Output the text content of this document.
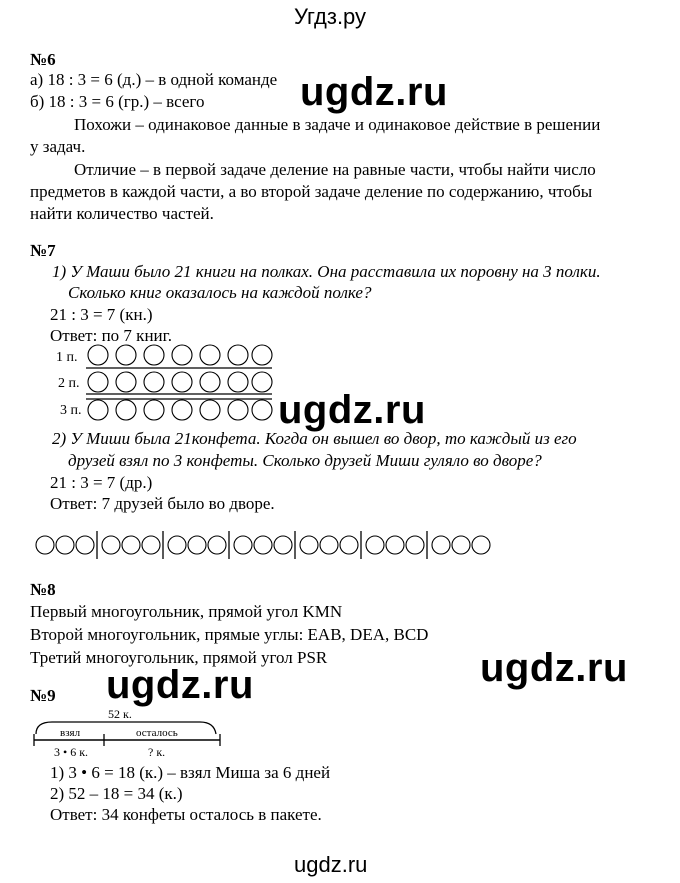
Угдз.ру
№6
а) 18 : 3 = 6 (д.) – в одной команде
б) 18 : 3 = 6 (гр.) – всего
Похожи – одинаковое данные в задаче и одинаковое действие в решении
у задач.
Отличие – в первой задаче деление на равные части, чтобы найти число
предметов в каждой части, а во второй задаче деление по содержанию, чтобы
найти количество частей.
№7
1) У Маши было 21 книги на полках. Она расставила их поровну на 3 полки.
Сколько книг оказалось на каждой полке?
21 : 3 = 7 (кн.)
Ответ: по 7 книг.
1 п.
2 п.
3 п.
2) У Миши была 21конфета. Когда он вышел во двор, то каждый из его
друзей взял по 3 конфеты. Сколько друзей Миши гуляло во дворе?
21 : 3 = 7 (др.)
Ответ: 7 друзей было во дворе.
№8
Первый многоугольник, прямой угол KMN
Второй многоугольник, прямые углы: EAB, DEA, BCD
Третий многоугольник, прямой угол PSR
№9
52 к.
взял	осталось
3 • 6 к.	? к.
1) 3 • 6 = 18 (к.) – взял Миша за 6 дней
2) 52 – 18 = 34 (к.)
Ответ: 34 конфеты осталось в пакете.
ugdz.ru
ugdz.ru
ugdz.ru
ugdz.ru
ugdz.ru
